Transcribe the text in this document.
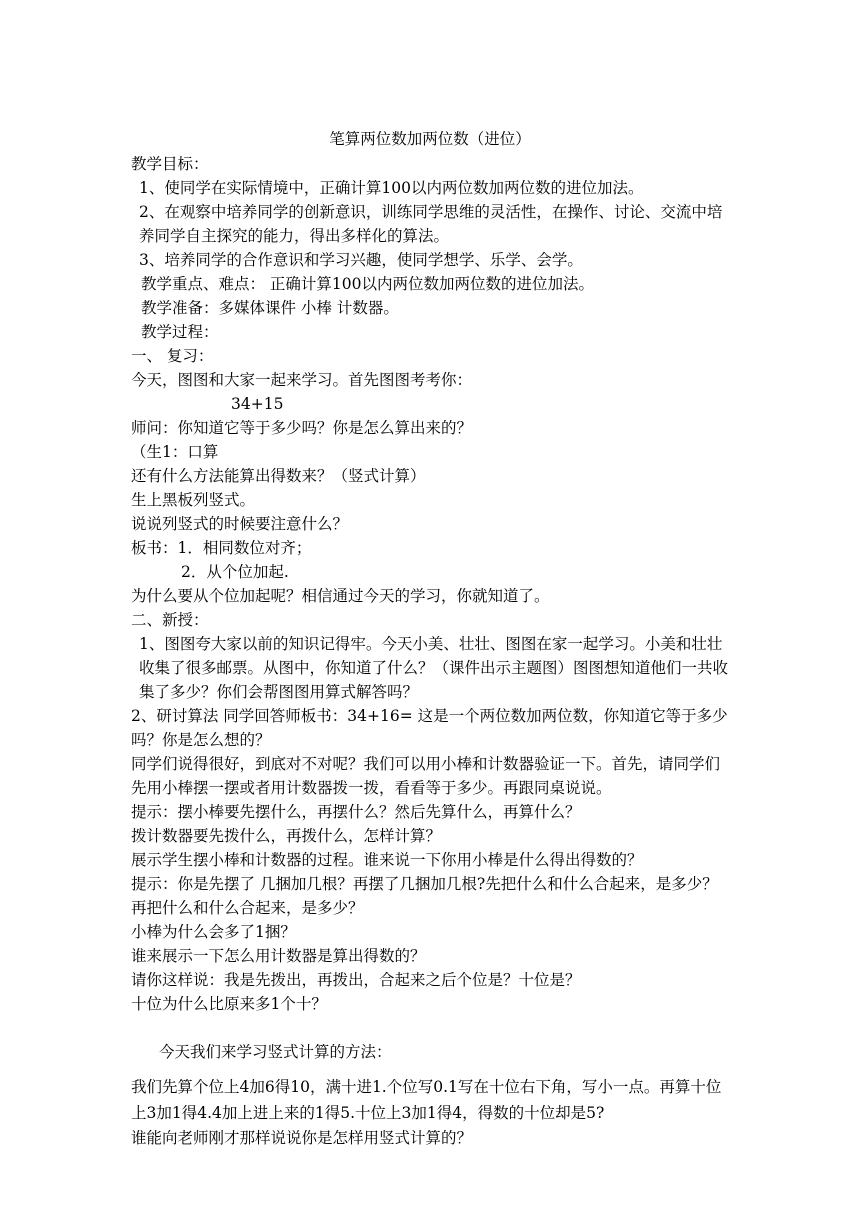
笔算两位数加两位数（进位）

教学目标：

1、使同学在实际情境中，正确计算100以内两位数加两位数的进位加法。

2、在观察中培养同学的创新意识，训练同学思维的灵活性，在操作、讨论、交流中培养同学自主探究的能力，得出多样化的算法。

3、培养同学的合作意识和学习兴趣，使同学想学、乐学、会学。

教学重点、难点： 正确计算100以内两位数加两位数的进位加法。

教学准备：多媒体课件 小棒 计数器。

教学过程：

一、 复习：

今天，图图和大家一起来学习。首先图图考考你：

34+15

师问：你知道它等于多少吗？你是怎么算出来的？

（生1：口算

还有什么方法能算出得数来？（竖式计算）

生上黑板列竖式。

说说列竖式的时候要注意什么？

板书：1．相同数位对齐；

2．从个位加起.

为什么要从个位加起呢？相信通过今天的学习，你就知道了。

二、新授：

1、图图夸大家以前的知识记得牢。今天小美、壮壮、图图在家一起学习。小美和壮壮收集了很多邮票。从图中，你知道了什么？（课件出示主题图）图图想知道他们一共收集了多少？你们会帮图图用算式解答吗？

2、研讨算法 同学回答师板书：34+16= 这是一个两位数加两位数，你知道它等于多少吗？你是怎么想的？

同学们说得很好，到底对不对呢？我们可以用小棒和计数器验证一下。首先，请同学们先用小棒摆一摆或者用计数器拨一拨，看看等于多少。再跟同桌说说。

提示：摆小棒要先摆什么，再摆什么？然后先算什么，再算什么？

拨计数器要先拨什么，再拨什么，怎样计算？

展示学生摆小棒和计数器的过程。谁来说一下你用小棒是什么得出得数的？

提示：你是先摆了 几捆加几根？再摆了几捆加几根?先把什么和什么合起来，是多少？再把什么和什么合起来，是多少？

小棒为什么会多了1捆？

谁来展示一下怎么用计数器是算出得数的？

请你这样说：我是先拨出，再拨出，合起来之后个位是？十位是？

十位为什么比原来多1个十？

今天我们来学习竖式计算的方法：

我们先算个位上4加6得10，满十进1.个位写0.1写在十位右下角，写小一点。再算十位上3加1得4.4加上进上来的1得5.十位上3加1得4，得数的十位却是5?

谁能向老师刚才那样说说你是怎样用竖式计算的？
